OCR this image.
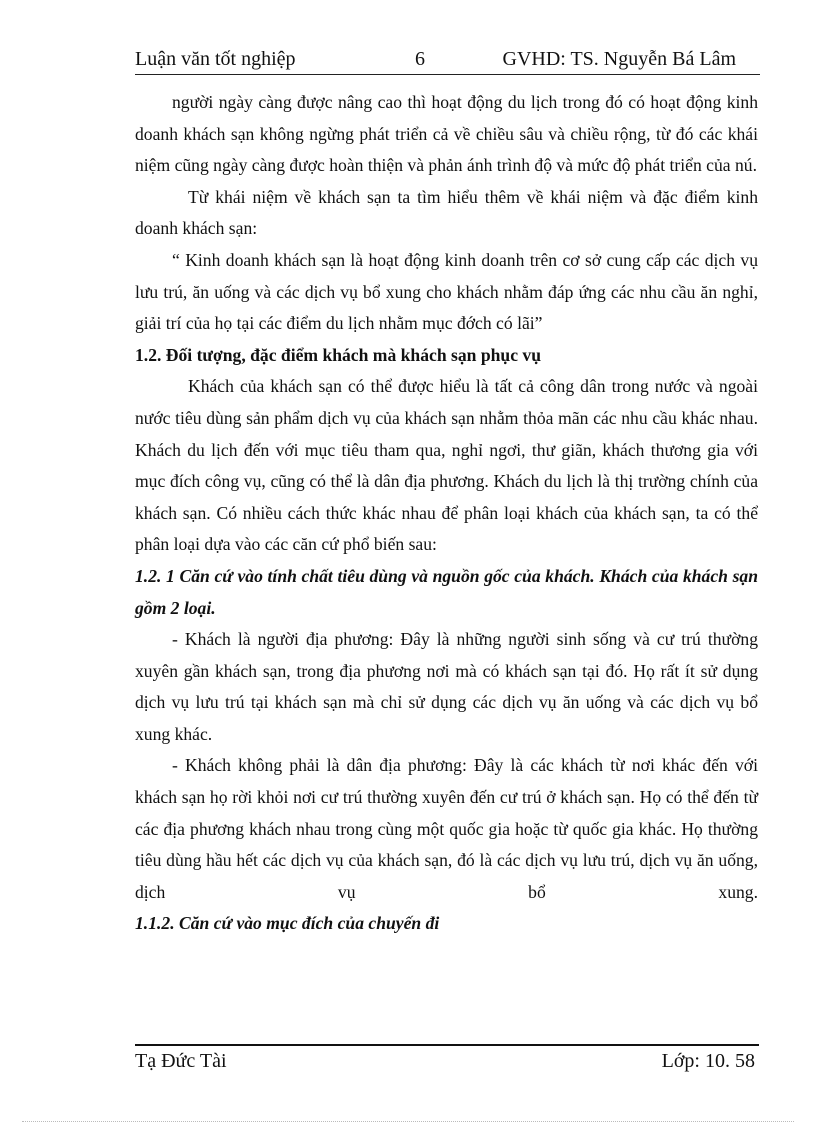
Luận văn tốt nghiệp	6	GVHD: TS. Nguyễn Bá Lâm

người ngày càng được nâng cao thì hoạt động du lịch trong đó có hoạt động kinh doanh khách sạn không ngừng phát triển cả về chiều sâu và chiều rộng, từ đó các khái niệm cũng ngày càng được hoàn thiện và phản ánh trình độ và mức độ phát triển của nú.

Từ khái niệm về khách sạn ta tìm hiểu thêm về khái niệm và đặc điểm kinh doanh khách sạn:

“ Kinh doanh khách sạn là hoạt động kinh doanh trên cơ sở cung cấp các dịch vụ lưu trú, ăn uống và các dịch vụ bổ xung cho khách nhằm đáp ứng các nhu cầu ăn nghỉ, giải trí của họ tại các điểm du lịch nhằm mục đớch có lãi”

1.2. Đối tượng, đặc điểm khách mà khách sạn phục vụ

Khách của khách sạn có thể được hiểu là tất cả công dân trong nước và ngoài nước tiêu dùng sản phẩm dịch vụ của khách sạn nhằm thỏa mãn các nhu cầu khác nhau. Khách du lịch đến với mục tiêu tham qua, nghỉ ngơi, thư giãn, khách thương gia với mục đích công vụ, cũng có thể là dân địa phương. Khách du lịch là thị trường chính của khách sạn. Có nhiều cách thức khác nhau để phân loại khách của khách sạn, ta có thể phân loại dựa vào các căn cứ phổ biến sau:

1.2. 1 Căn cứ vào tính chất tiêu dùng và nguồn gốc của khách. Khách của khách sạn gồm 2 loại.

- Khách là người địa phương: Đây là những người sinh sống và cư trú thường xuyên gần khách sạn, trong địa phương nơi mà có khách sạn tại đó. Họ rất ít sử dụng dịch vụ lưu trú tại khách sạn mà chỉ sử dụng các dịch vụ ăn uống và các dịch vụ bổ xung khác.

- Khách không phải là dân địa phương: Đây là các khách từ nơi khác đến với khách sạn họ rời khỏi nơi cư trú thường xuyên đến cư trú ở khách sạn. Họ có thể đến từ các địa phương khách nhau trong cùng một quốc gia hoặc từ quốc gia khác. Họ thường tiêu dùng hầu hết các dịch vụ của khách sạn, đó là các dịch vụ lưu trú, dịch vụ ăn uống, dịch vụ bổ xung.

1.1.2. Căn cứ vào mục đích của chuyến đi

Tạ Đức Tài	Lớp: 10. 58
